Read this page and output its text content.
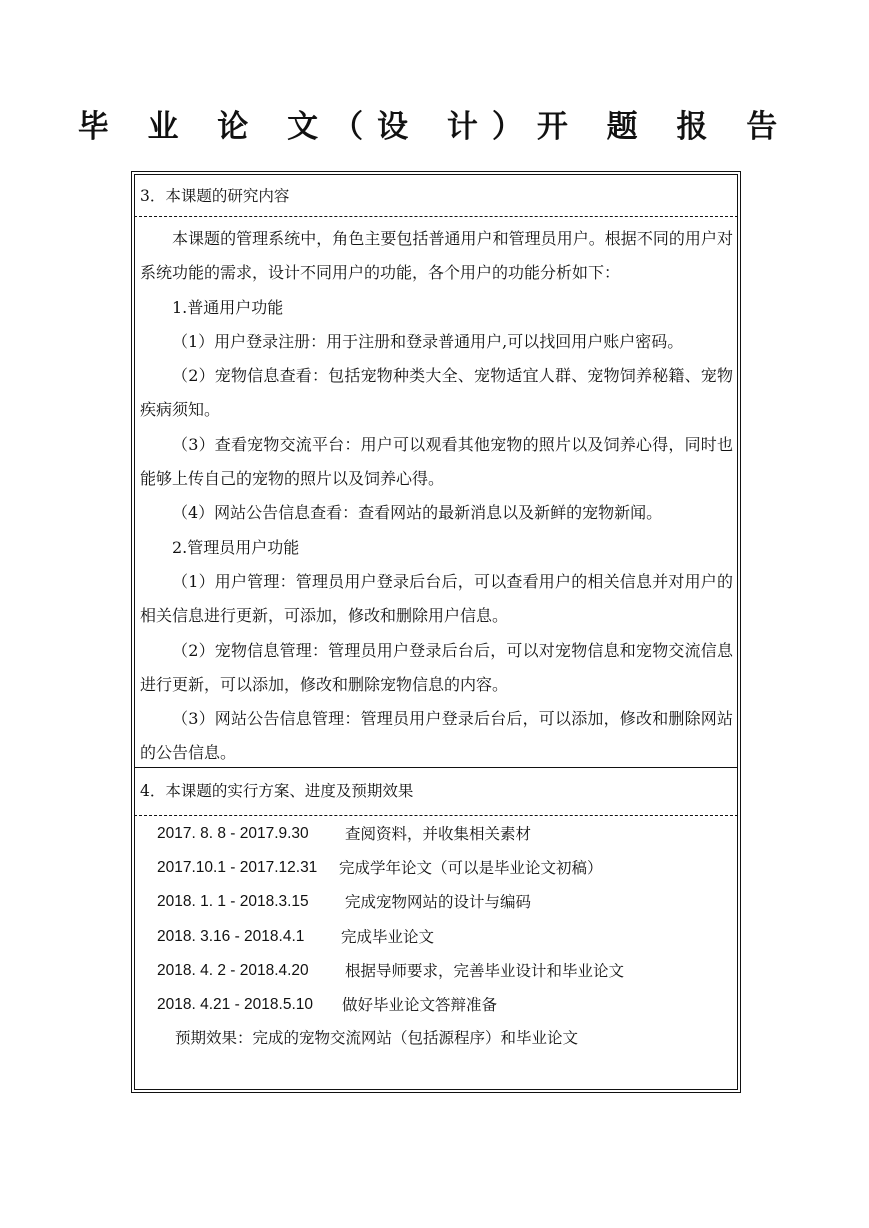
毕 业 论 文（设 计）开 题 报 告
3．本课题的研究内容

本课题的管理系统中，角色主要包括普通用户和管理员用户。根据不同的用户对系统功能的需求，设计不同用户的功能，各个用户的功能分析如下：

1.普通用户功能

（1）用户登录注册：用于注册和登录普通用户,可以找回用户账户密码。

（2）宠物信息查看：包括宠物种类大全、宠物适宜人群、宠物饲养秘籍、宠物疾病须知。

（3）查看宠物交流平台：用户可以观看其他宠物的照片以及饲养心得，同时也能够上传自己的宠物的照片以及饲养心得。

（4）网站公告信息查看：查看网站的最新消息以及新鲜的宠物新闻。

2.管理员用户功能

（1）用户管理：管理员用户登录后台后，可以查看用户的相关信息并对用户的相关信息进行更新，可添加，修改和删除用户信息。

（2）宠物信息管理：管理员用户登录后台后，可以对宠物信息和宠物交流信息进行更新，可以添加，修改和删除宠物信息的内容。

（3）网站公告信息管理：管理员用户登录后台后，可以添加，修改和删除网站的公告信息。

4．本课题的实行方案、进度及预期效果
2017. 8. 8 - 2017.9.30	查阅资料，并收集相关素材
2017.10.1 - 2017.12.31	完成学年论文（可以是毕业论文初稿）
2018. 1. 1 - 2018.3.15	完成宠物网站的设计与编码
2018. 3.16 - 2018.4.1	完成毕业论文
2018. 4. 2 - 2018.4.20	根据导师要求，完善毕业设计和毕业论文
2018. 4.21 - 2018.5.10	做好毕业论文答辩准备
预期效果：完成的宠物交流网站（包括源程序）和毕业论文
